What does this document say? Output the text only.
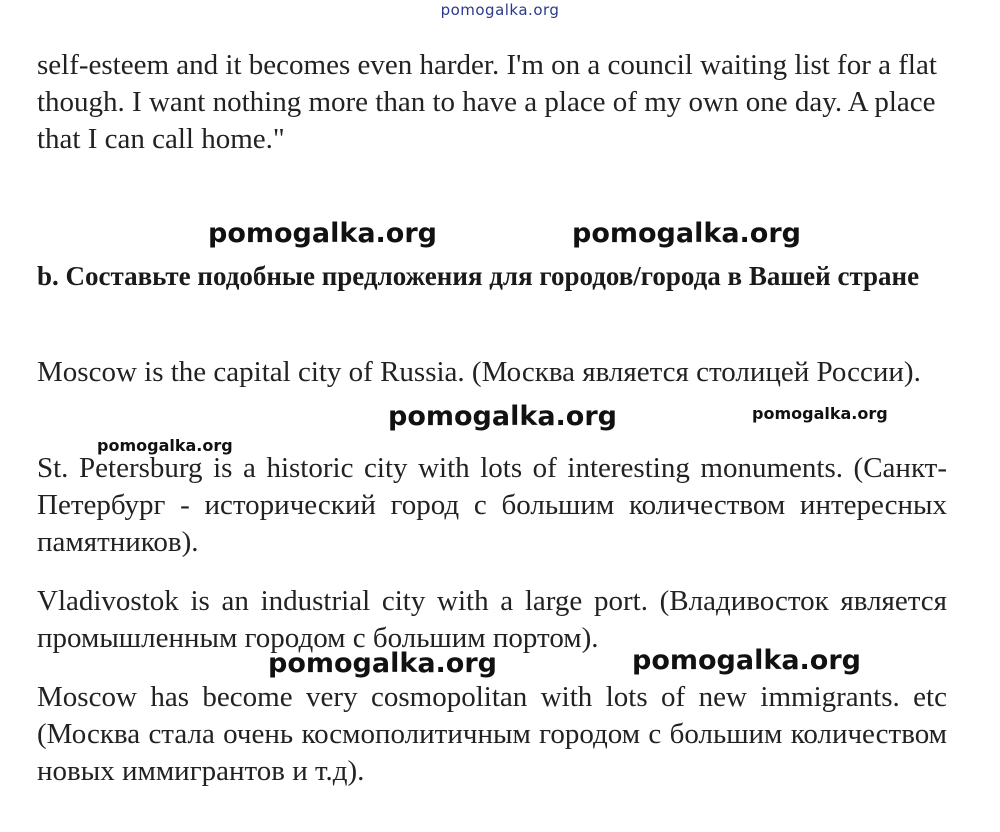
pomogalka.org

self-esteem and it becomes even harder. I'm on a council waiting list for a flat though. I want nothing more than to have a place of my own one day. A place that I can call home."

pomogalka.org	pomogalka.org

b. Составьте подобные предложения для городов/города в Вашей стране

Moscow is the capital city of Russia. (Москва является столицей России).

pomogalka.org	pomogalka.org
pomogalka.org

St. Petersburg is a historic city with lots of interesting monuments. (Санкт-Петербург - исторический город с большим количеством интересных памятников).

Vladivostok is an industrial city with a large port. (Владивосток является промышленным городом с большим портом).

pomogalka.org	pomogalka.org

Moscow has become very cosmopolitan with lots of new immigrants. etc (Москва стала очень космополитичным городом с большим количеством новых иммигрантов и т.д).
